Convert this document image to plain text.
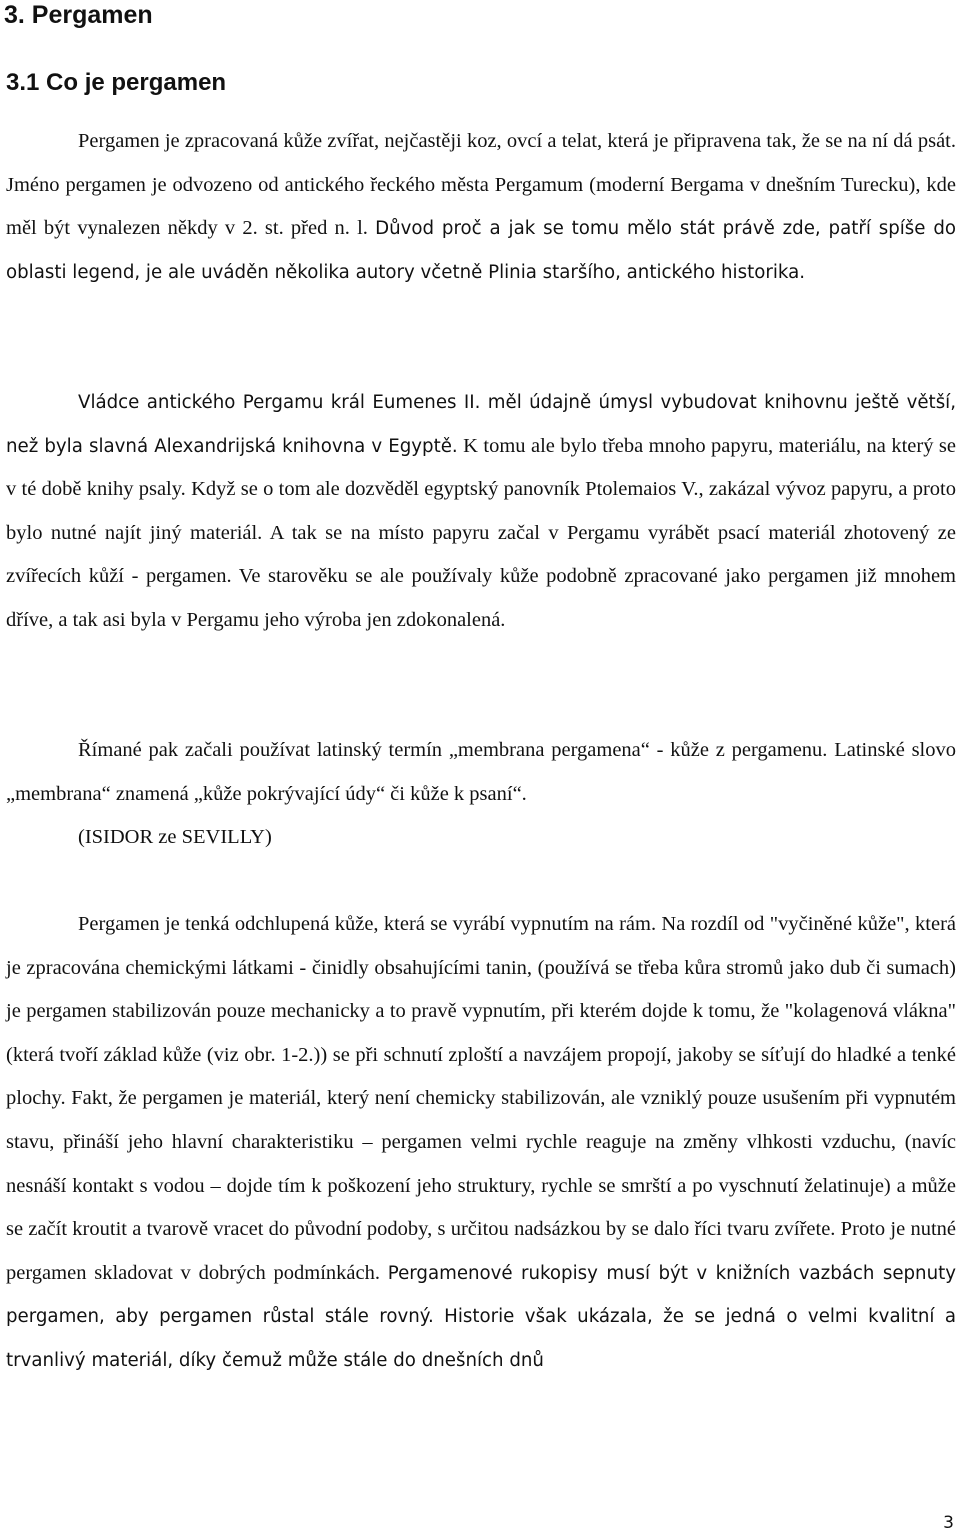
3. Pergamen
3.1 Co je pergamen

Pergamen je zpracovaná kůže zvířat, nejčastěji koz, ovcí a telat, která je připravena tak, že se na ní dá psát. Jméno pergamen je odvozeno od antického řeckého města Pergamum (moderní Bergama v dnešním Turecku), kde měl být vynalezen někdy v 2. st. před n. l. Důvod proč a jak se tomu mělo stát právě zde, patří spíše do oblasti legend, je ale uváděn několika autory včetně Plinia staršího, antického historika.

Vládce antického Pergamu král Eumenes II. měl údajně úmysl vybudovat knihovnu ještě větší, než byla slavná Alexandrijská knihovna v Egyptě. K tomu ale bylo třeba mnoho papyru, materiálu, na který se v té době knihy psaly. Když se o tom ale dozvěděl egyptský panovník Ptolemaios V., zakázal vývoz papyru, a proto bylo nutné najít jiný materiál. A tak se na místo papyru začal v Pergamu vyrábět psací materiál zhotovený ze zvířecích kůží - pergamen. Ve starověku se ale používaly kůže podobně zpracované jako pergamen již mnohem dříve, a tak asi byla v Pergamu jeho výroba jen zdokonalená.

Římané pak začali používat latinský termín „membrana pergamena“ - kůže z pergamenu. Latinské slovo „membrana“ znamená „kůže pokrývající údy“ či kůže k psaní“.

(ISIDOR ze SEVILLY)

Pergamen je tenká odchlupená kůže, která se vyrábí vypnutím na rám. Na rozdíl od "vyčiněné kůže", která je zpracována chemickými látkami - činidly obsahujícími tanin, (používá se třeba kůra stromů jako dub či sumach) je pergamen stabilizován pouze mechanicky a to pravě vypnutím, při kterém dojde k tomu, že "kolagenová vlákna" (která tvoří základ kůže (viz obr. 1-2.)) se při schnutí zploští a navzájem propojí, jakoby se síťují do hladké a tenké plochy. Fakt, že pergamen je materiál, který není chemicky stabilizován, ale vzniklý pouze usušením při vypnutém stavu, přináší jeho hlavní charakteristiku – pergamen velmi rychle reaguje na změny vlhkosti vzduchu, (navíc nesnáší kontakt s vodou – dojde tím k poškození jeho struktury, rychle se smrští a po vyschnutí želatinuje) a může se začít kroutit a tvarově vracet do původní podoby, s určitou nadsázkou by se dalo říci tvaru zvířete. Proto je nutné pergamen skladovat v dobrých podmínkách. Pergamenové rukopisy musí být v knižních vazbách sepnuty pergamen, aby pergamen růstal stále rovný. Historie však ukázala, že se jedná o velmi kvalitní a trvanlivý materiál, díky čemuž může stále do dnešních dnů

3
